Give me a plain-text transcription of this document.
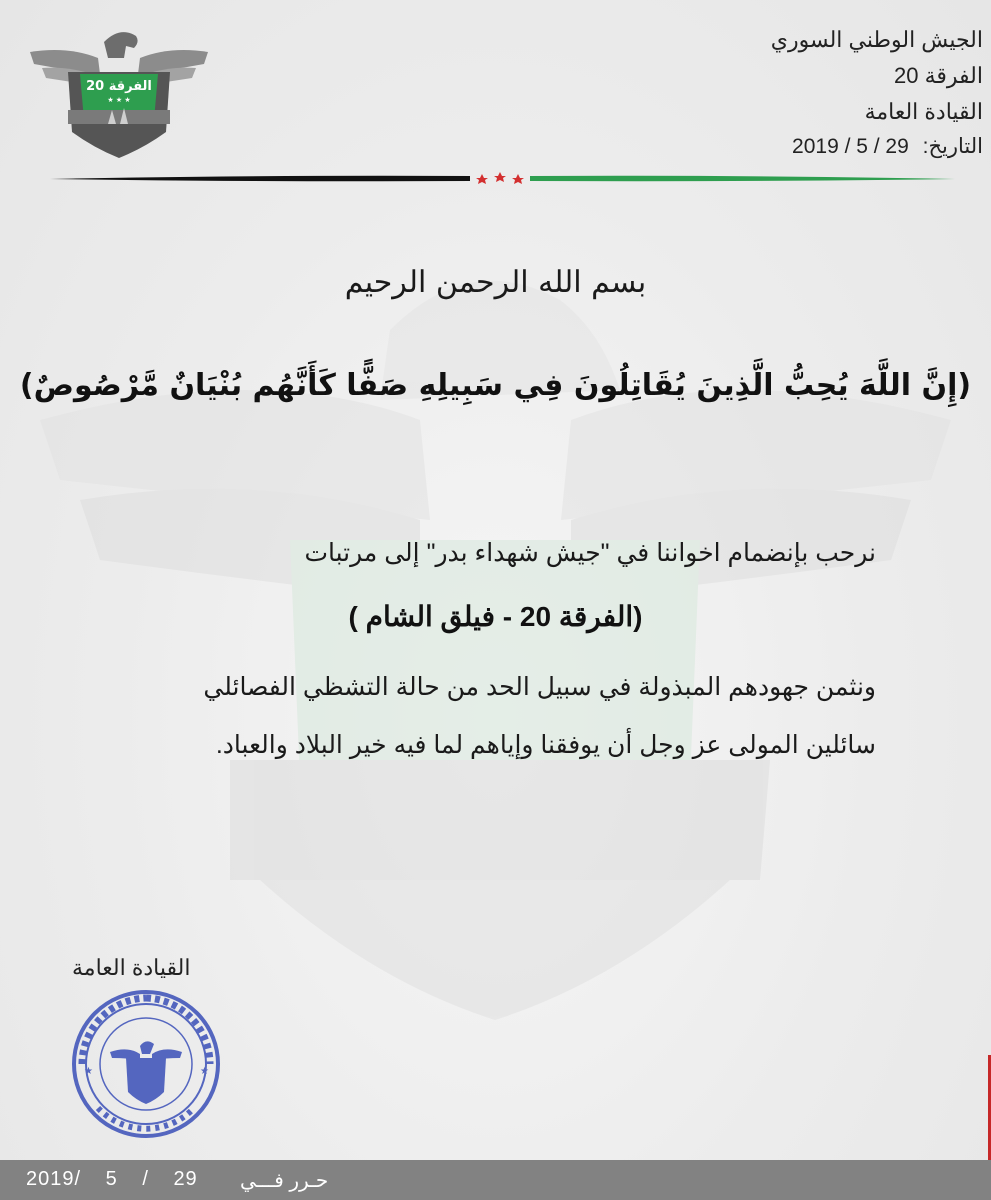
الفرقة 20
★ ★ ★
الجيش الوطني السوري
الفرقة 20
القيادة العامة
التاريخ: 2019 / 5 / 29
بسم الله الرحمن الرحيم
(إِنَّ اللَّهَ يُحِبُّ الَّذِينَ يُقَاتِلُونَ فِي سَبِيلِهِ صَفًّا كَأَنَّهُم بُنْيَانٌ مَّرْصُوصٌ)
نرحب بإنضمام اخواننا في "جيش شهداء بدر" إلى مرتبات
(الفرقة 20 - فيلق الشام )
ونثمن جهودهم المبذولة في سبيل الحد من حالة التشظي الفصائلي
سائلين المولى عز وجل أن يوفقنا وإياهم لما فيه خير البلاد والعباد.
القيادة العامة
★
★
2019/ 5 / 29 حـرر فـــي
